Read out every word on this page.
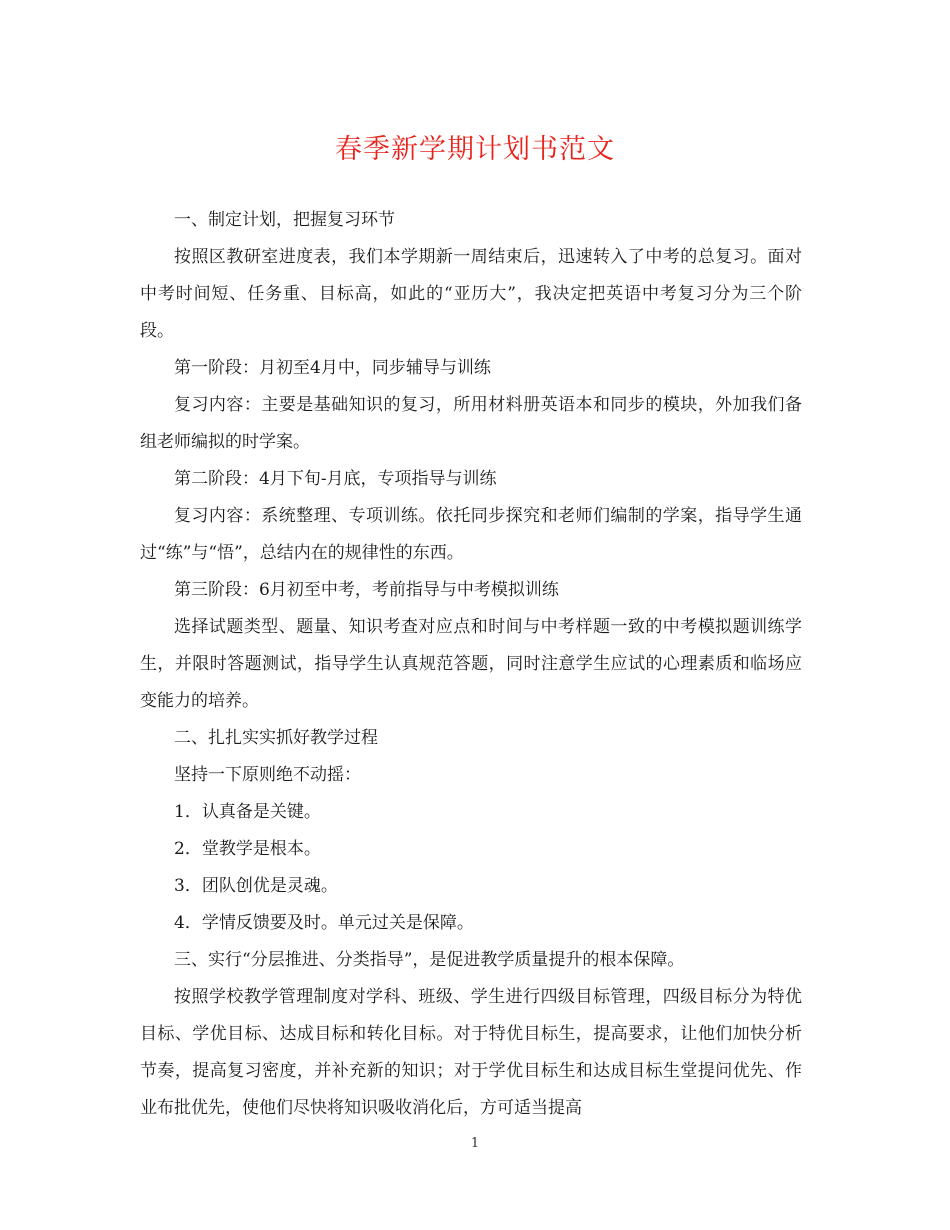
春季新学期计划书范文

一、制定计划，把握复习环节

按照区教研室进度表，我们本学期新一周结束后，迅速转入了中考的总复习。面对中考时间短、任务重、目标高，如此的“亚历大”，我决定把英语中考复习分为三个阶段。

第一阶段：月初至4月中，同步辅导与训练

复习内容：主要是基础知识的复习，所用材料册英语本和同步的模块，外加我们备组老师编拟的时学案。

第二阶段：4月下旬-月底，专项指导与训练

复习内容：系统整理、专项训练。依托同步探究和老师们编制的学案，指导学生通过“练”与“悟”，总结内在的规律性的东西。

第三阶段：6月初至中考，考前指导与中考模拟训练

选择试题类型、题量、知识考查对应点和时间与中考样题一致的中考模拟题训练学生，并限时答题测试，指导学生认真规范答题，同时注意学生应试的心理素质和临场应变能力的培养。

二、扎扎实实抓好教学过程

坚持一下原则绝不动摇：

1．认真备是关键。

2．堂教学是根本。

3．团队创优是灵魂。

4．学情反馈要及时。单元过关是保障。

三、实行“分层推进、分类指导”，是促进教学质量提升的根本保障。

按照学校教学管理制度对学科、班级、学生进行四级目标管理，四级目标分为特优目标、学优目标、达成目标和转化目标。对于特优目标生，提高要求，让他们加快分析节奏，提高复习密度，并补充新的知识；对于学优目标生和达成目标生堂提问优先、作业布批优先，使他们尽快将知识吸收消化后，方可适当提高

1
